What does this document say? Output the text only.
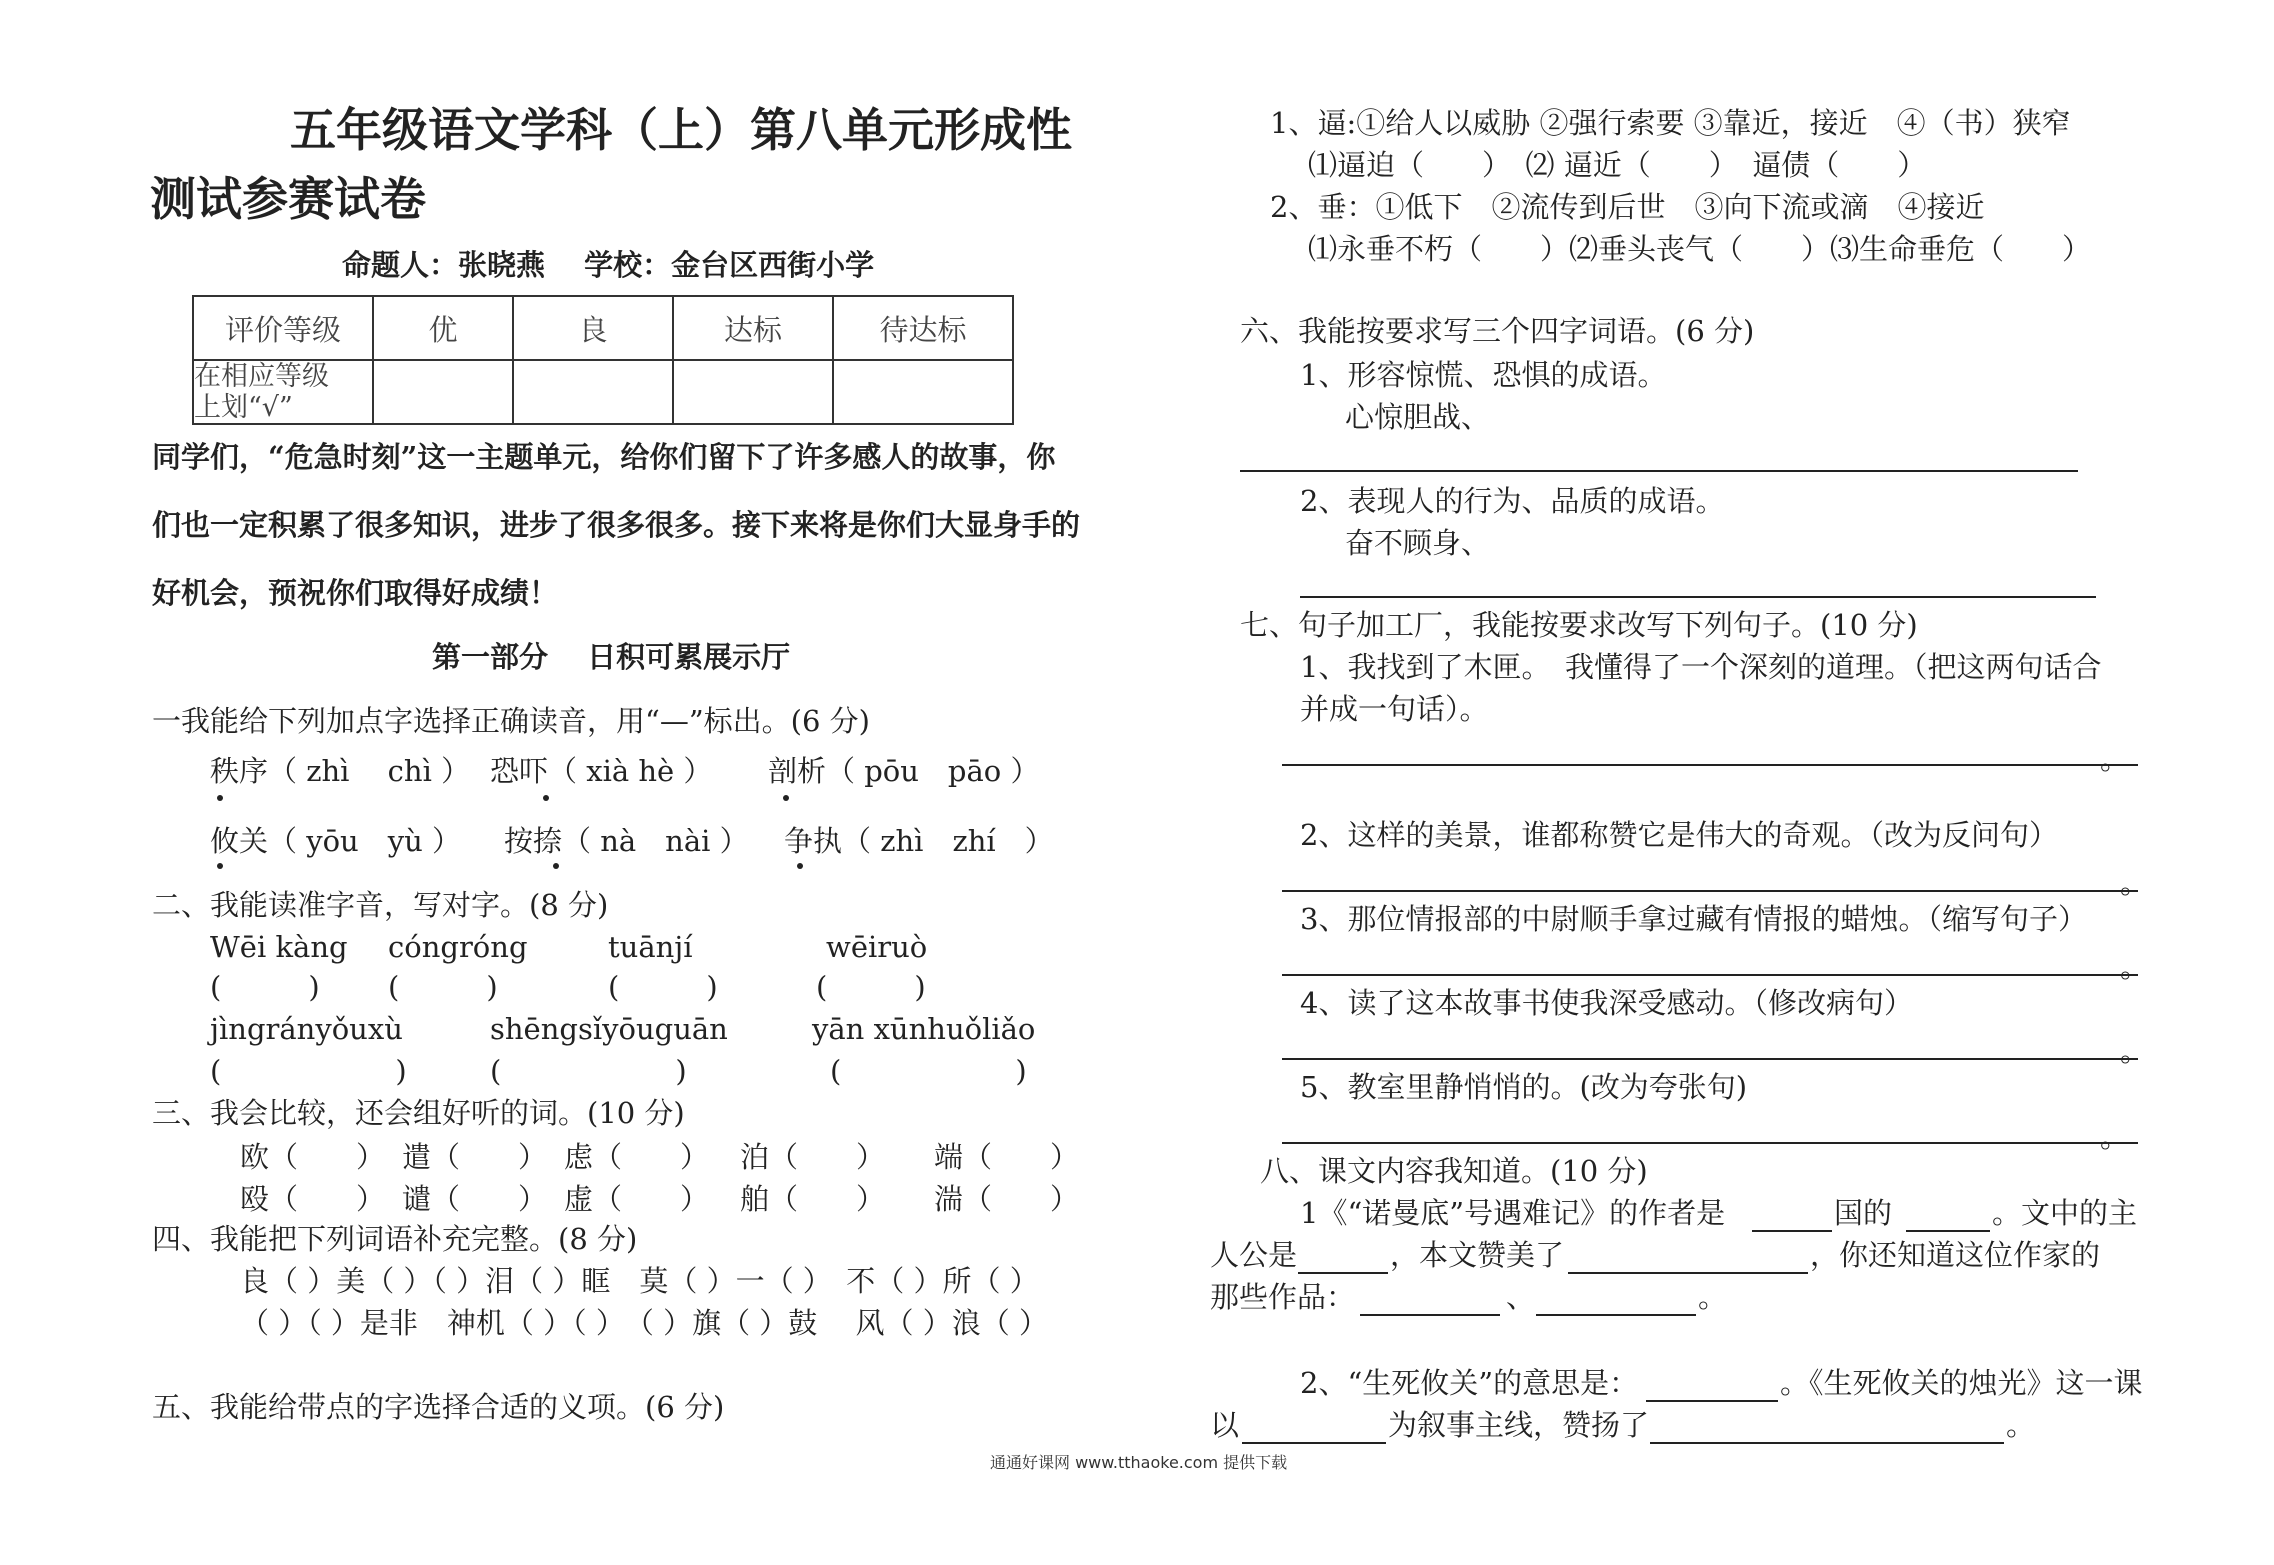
五年级语文学科（上）第八单元形成性
测试参赛试卷
命题人：张晓燕 　学校：金台区西街小学
评价等级	优	良	达标	待达标

在相应等级
上划“√”				

同学们，“危急时刻”这一主题单元，给你们留下了许多感人的故事，你
们也一定积累了很多知识，进步了很多很多。接下来将是你们大显身手的
好机会，预祝你们取得好成绩！
第一部分　 日积可累展示厅
一我能给下列加点字选择正确读音，用“—”标出。(6 分)
秩序（ zhì　 chì ） 恐吓（ xià hè ） 剖析（ pōu　pāo ）
攸关（ yōu　yù ） 按捺（ nà　nài ） 争执（ zhì　zhí　）
二、我能读准字音，写对字。(8 分)
Wēi kàng cóngróng	tuānjí	wēiruò
(　　　) (　　　)	(　　　)	(　　　)
jìngrányǒuxù	shēngsǐyōuguān	yān xūnhuǒliǎo
(　　　　　　)	(　　　　　　)	(　　　　　　)
三、我会比较，还会组好听的词。(10 分)
欧（　　） 遣（　　） 虑（　　） 泊（　　） 端（　　）
殴（　　） 谴（　　） 虚（　　） 舶（　　） 湍（　　）
四、我能把下列词语补充完整。(8 分)
良（ ）美（ ）（ ）泪（ ）眶　莫（ ）一（ ）　不（ ）所（ ）
（ ）（ ）是非　神机（ ）（ ）　（ ）旗（ ）鼓　 风（ ）浪（ ）
五、我能给带点的字选择合适的义项。(6 分)
1、逼:①给人以威胁 ②强行索要 ③靠近，接近　④（书）狭窄
⑴逼迫（　　）　⑵ 逼近（　　）　逼债（　　）
2、垂：①低下　②流传到后世　③向下流或滴　④接近
⑴永垂不朽（　　）⑵垂头丧气（　　）⑶生命垂危（　　）
六、我能按要求写三个四字词语。(6 分)
1、形容惊慌、恐惧的成语。
心惊胆战、
2、表现人的行为、品质的成语。
奋不顾身、
七、句子加工厂，我能按要求改写下列句子。(10 分)
1、我找到了木匣。　我懂得了一个深刻的道理。（把这两句话合
并成一句话）。
。
2、这样的美景，谁都称赞它是伟大的奇观。（改为反问句）
。
3、那位情报部的中尉顺手拿过藏有情报的蜡烛。（缩写句子）
。
4、读了这本故事书使我深受感动。（修改病句）
。
5、教室里静悄悄的。(改为夸张句)
。
八、课文内容我知道。(10 分)
1《“诺曼底”号遇难记》的作者是	国的	。文中的主
人公是	，本文赞美了	，你还知道这位作家的
那些作品：	、	。
2、“生死攸关”的意思是：	。《生死攸关的烛光》这一课
以	为叙事主线，赞扬了	。
通通好课网 www.tthaoke.com 提供下载
